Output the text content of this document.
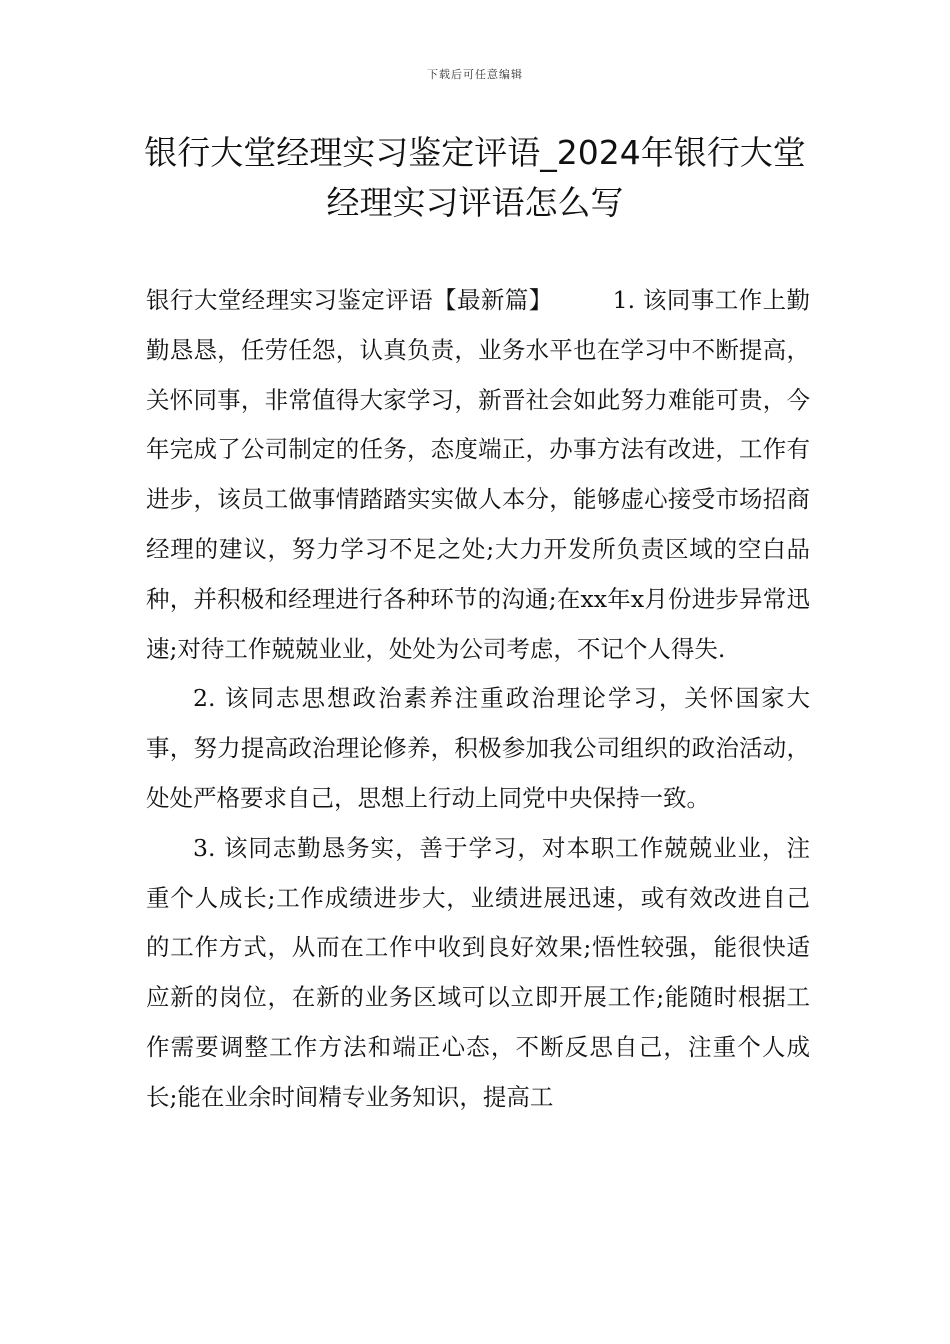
下载后可任意编辑
银行大堂经理实习鉴定评语_2024年银行大堂经理实习评语怎么写

银行大堂经理实习鉴定评语【最新篇】	1. 该同事工作上勤勤恳恳，任劳任怨，认真负责，业务水平也在学习中不断提高，关怀同事，非常值得大家学习，新晋社会如此努力难能可贵，今年完成了公司制定的任务，态度端正，办事方法有改进，工作有进步，该员工做事情踏踏实实做人本分，能够虚心接受市场招商经理的建议，努力学习不足之处;大力开发所负责区域的空白品种，并积极和经理进行各种环节的沟通;在xx年x月份进步异常迅速;对待工作兢兢业业，处处为公司考虑，不记个人得失.

2. 该同志思想政治素养注重政治理论学习，关怀国家大事，努力提高政治理论修养，积极参加我公司组织的政治活动，处处严格要求自己，思想上行动上同党中央保持一致。

3. 该同志勤恳务实，善于学习，对本职工作兢兢业业，注重个人成长;工作成绩进步大，业绩进展迅速，或有效改进自己的工作方式，从而在工作中收到良好效果;悟性较强，能很快适应新的岗位，在新的业务区域可以立即开展工作;能随时根据工作需要调整工作方法和端正心态，不断反思自己，注重个人成长;能在业余时间精专业务知识，提高工
